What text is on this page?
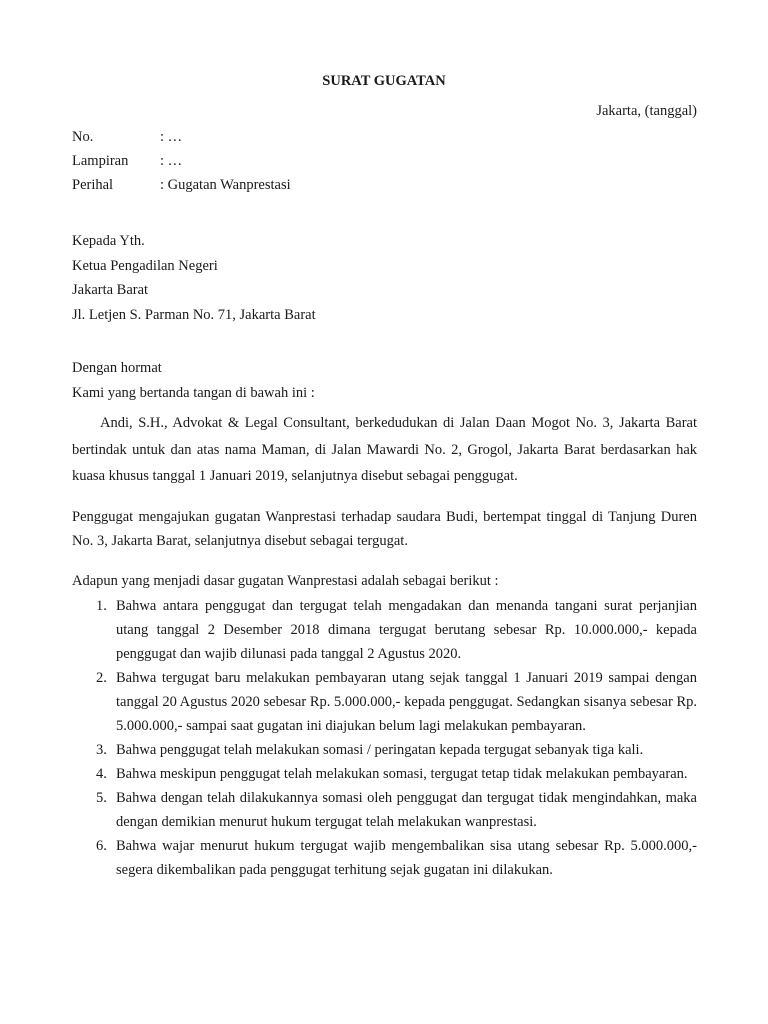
SURAT GUGATAN
Jakarta, (tanggal)
No.	: …
Lampiran : …
Perihal	: Gugatan Wanprestasi
Kepada Yth.
Ketua Pengadilan Negeri
Jakarta Barat
Jl. Letjen S. Parman No. 71, Jakarta Barat
Dengan hormat
Kami yang bertanda tangan di bawah ini :
Andi, S.H., Advokat & Legal Consultant, berkedudukan di Jalan Daan Mogot No. 3, Jakarta Barat bertindak untuk dan atas nama Maman, di Jalan Mawardi No. 2, Grogol, Jakarta Barat berdasarkan hak kuasa khusus tanggal 1 Januari 2019, selanjutnya disebut sebagai penggugat.
Penggugat mengajukan gugatan Wanprestasi terhadap saudara Budi, bertempat tinggal di Tanjung Duren No. 3, Jakarta Barat, selanjutnya disebut sebagai tergugat.
Adapun yang menjadi dasar gugatan Wanprestasi adalah sebagai berikut :
1. Bahwa antara penggugat dan tergugat telah mengadakan dan menanda tangani surat perjanjian utang tanggal 2 Desember 2018 dimana tergugat berutang sebesar Rp. 10.000.000,- kepada penggugat dan wajib dilunasi pada tanggal 2 Agustus 2020.
2. Bahwa tergugat baru melakukan pembayaran utang sejak tanggal 1 Januari 2019 sampai dengan tanggal 20 Agustus 2020 sebesar Rp. 5.000.000,- kepada penggugat. Sedangkan sisanya sebesar Rp. 5.000.000,- sampai saat gugatan ini diajukan belum lagi melakukan pembayaran.
3. Bahwa penggugat telah melakukan somasi / peringatan kepada tergugat sebanyak tiga kali.
4. Bahwa meskipun penggugat telah melakukan somasi, tergugat tetap tidak melakukan pembayaran.
5. Bahwa dengan telah dilakukannya somasi oleh penggugat dan tergugat tidak mengindahkan, maka dengan demikian menurut hukum tergugat telah melakukan wanprestasi.
6. Bahwa wajar menurut hukum tergugat wajib mengembalikan sisa utang sebesar Rp. 5.000.000,- segera dikembalikan pada penggugat terhitung sejak gugatan ini dilakukan.
